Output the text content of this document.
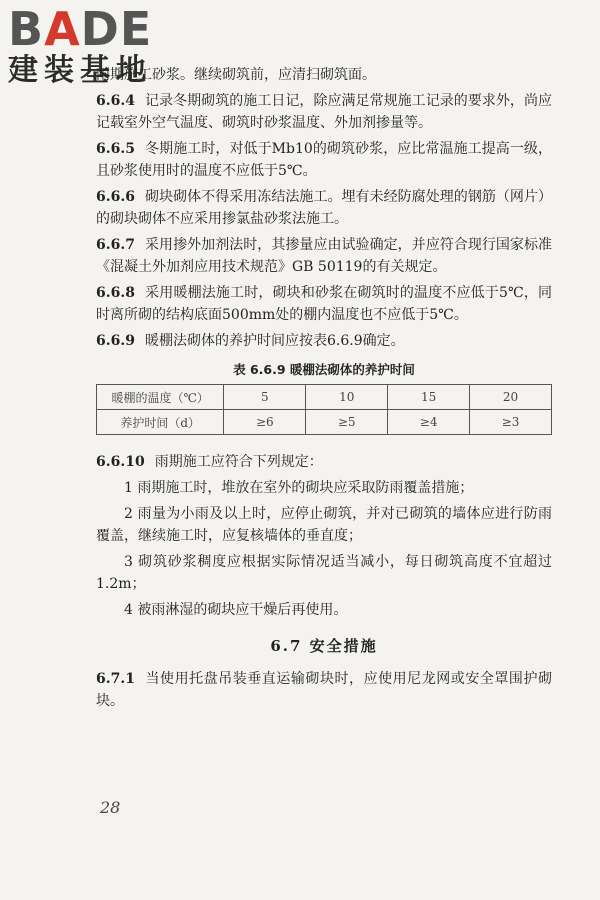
BADE
建装基地

雨期施工砂浆。继续砌筑前，应清扫砌筑面。

6.6.4 记录冬期砌筑的施工日记，除应满足常规施工记录的要求外，尚应记载室外空气温度、砌筑时砂浆温度、外加剂掺量等。

6.6.5 冬期施工时，对低于Mb10的砌筑砂浆，应比常温施工提高一级，且砂浆使用时的温度不应低于5℃。

6.6.6 砌块砌体不得采用冻结法施工。埋有未经防腐处理的钢筋（网片）的砌块砌体不应采用掺氯盐砂浆法施工。

6.6.7 采用掺外加剂法时，其掺量应由试验确定，并应符合现行国家标准《混凝土外加剂应用技术规范》GB 50119的有关规定。

6.6.8 采用暖棚法施工时，砌块和砂浆在砌筑时的温度不应低于5℃，同时离所砌的结构底面500mm处的棚内温度也不应低于5℃。

6.6.9 暖棚法砌体的养护时间应按表6.6.9确定。

表 6.6.9 暖棚法砌体的养护时间
暖棚的温度（℃）	5	10	15	20
养护时间（d）	≥6	≥5	≥4	≥3

6.6.10 雨期施工应符合下列规定：

1 雨期施工时，堆放在室外的砌块应采取防雨覆盖措施；

2 雨量为小雨及以上时，应停止砌筑，并对已砌筑的墙体应进行防雨覆盖，继续施工时，应复核墙体的垂直度；

3 砌筑砂浆稠度应根据实际情况适当减小，每日砌筑高度不宜超过1.2m；

4 被雨淋湿的砌块应干燥后再使用。

6.7 安全措施

6.7.1 当使用托盘吊装垂直运输砌块时，应使用尼龙网或安全罩围护砌块。

28
